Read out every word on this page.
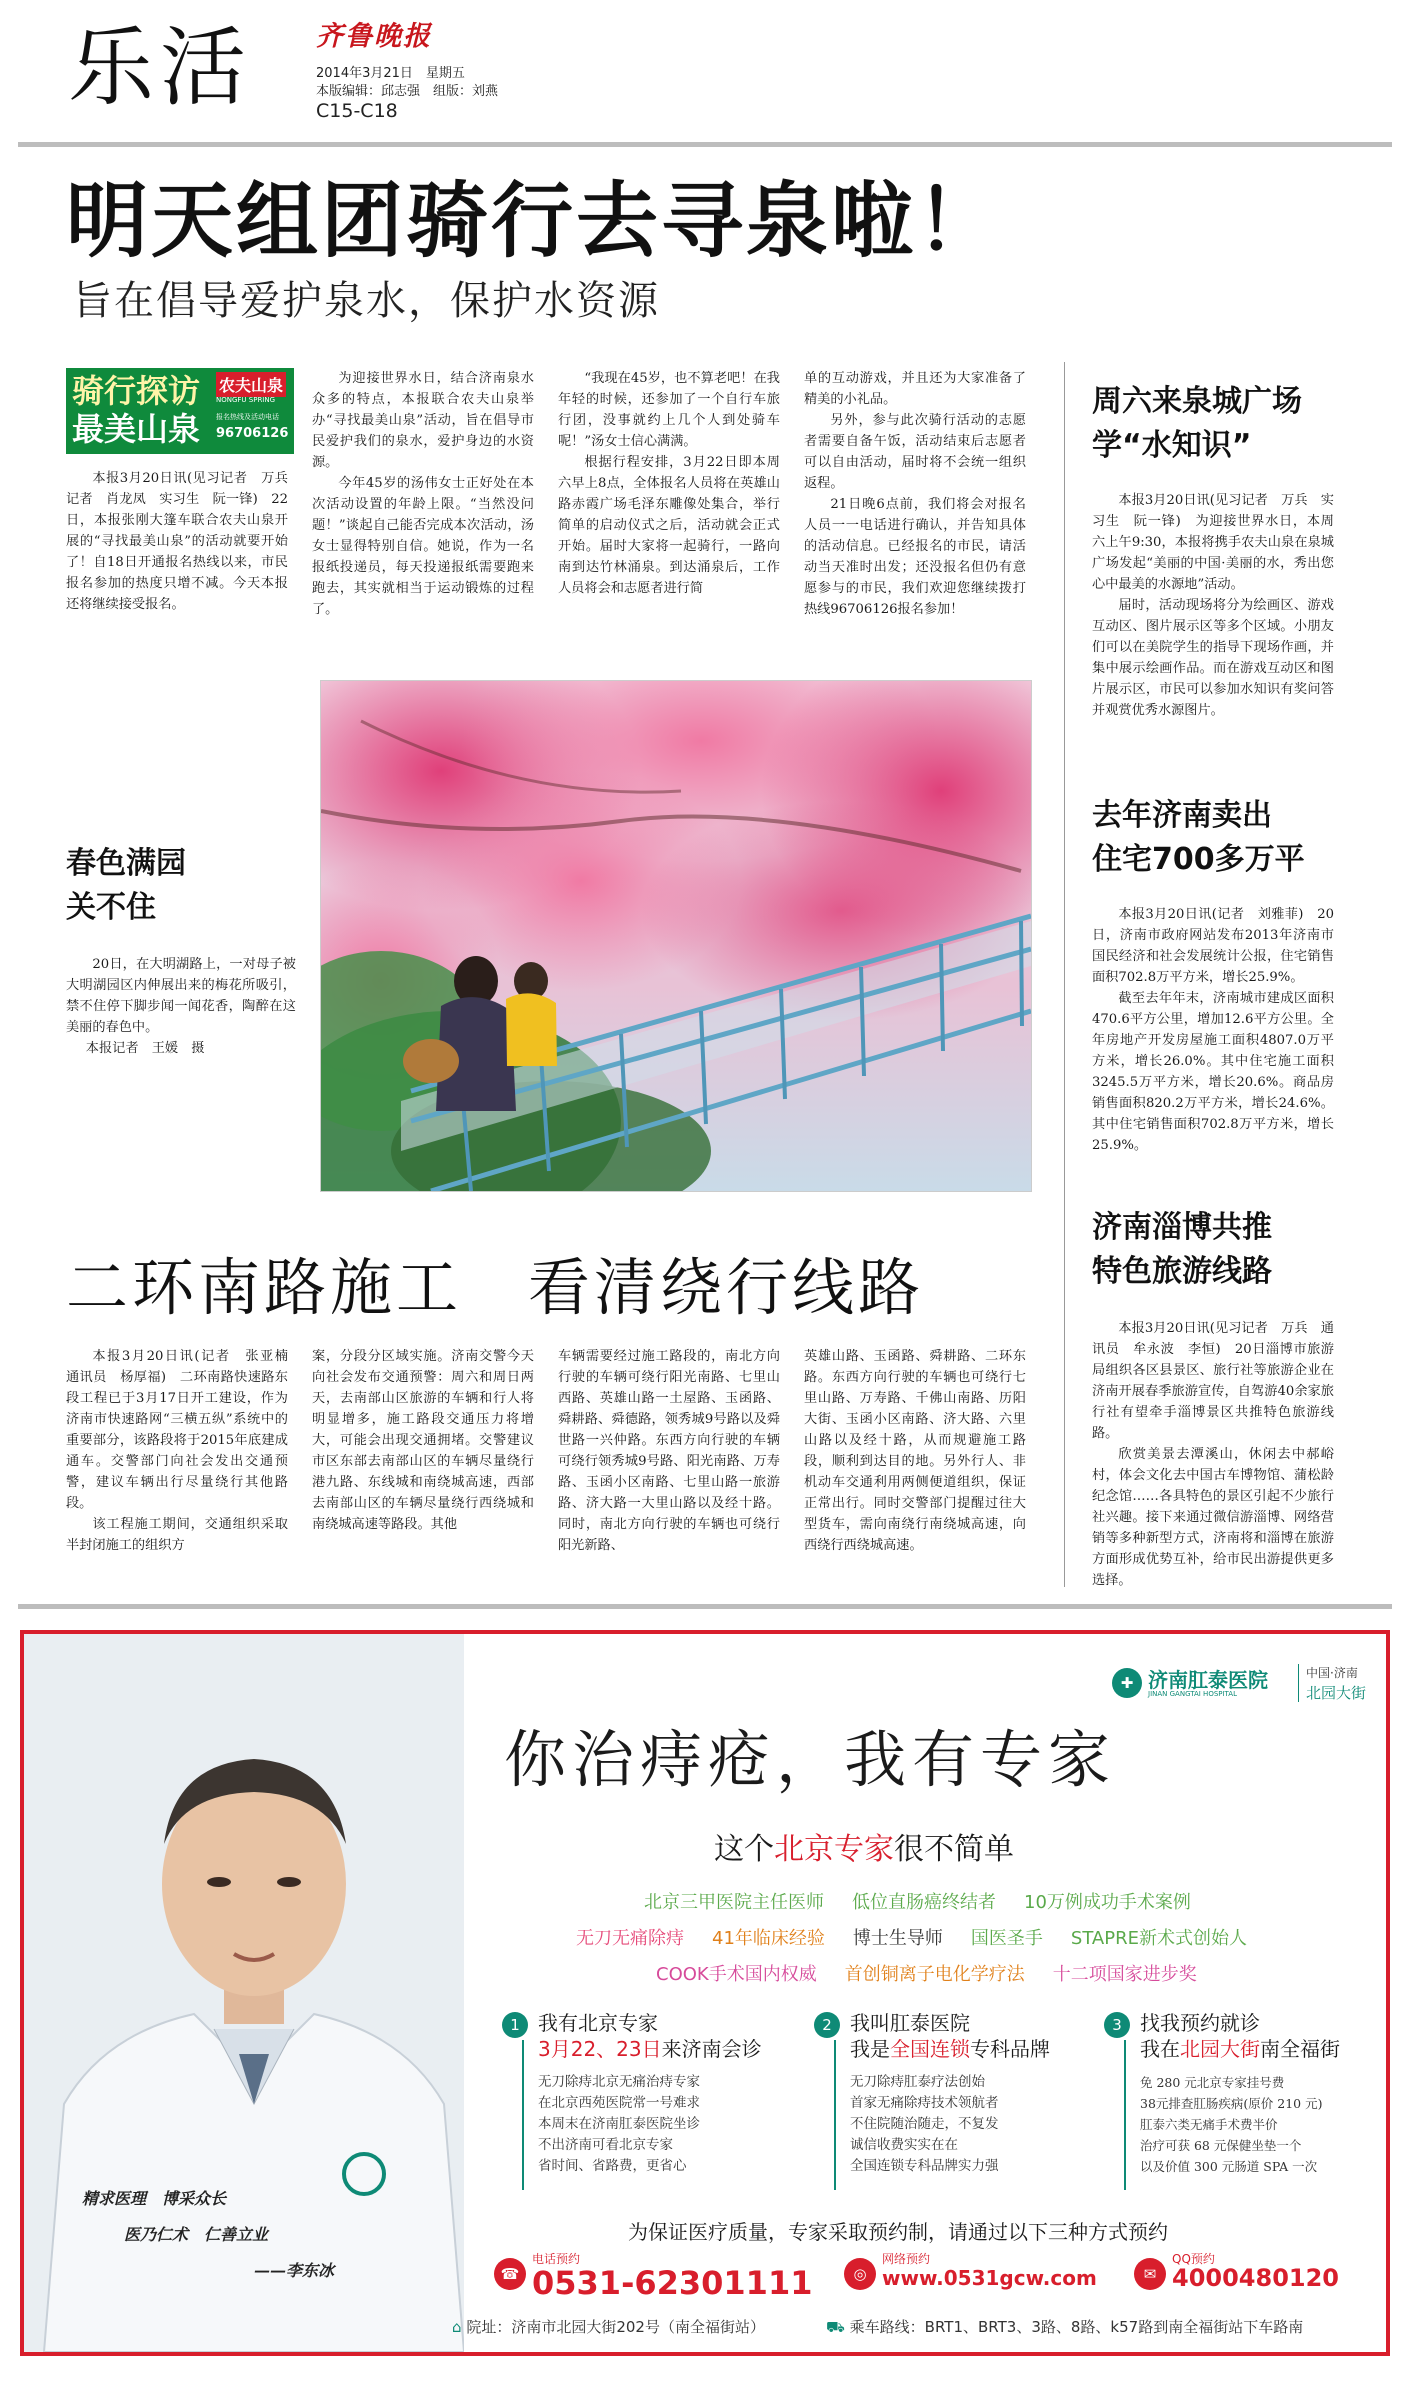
乐活 齐鲁晚报
2014年3月21日　星期五
本版编辑：邱志强　组版：刘燕
C15-C18
明天组团骑行去寻泉啦！
旨在倡导爱护泉水，保护水资源
骑行探访
最美山泉
农夫山泉
NONGFU SPRING
报名热线及活动电话
96706126

本报3月20日讯(见习记者　万兵　记者　肖龙凤　实习生　阮一锋)　22日，本报张刚大篷车联合农夫山泉开展的“寻找最美山泉”的活动就要开始了！自18日开通报名热线以来，市民报名参加的热度只增不减。今天本报还将继续接受报名。

为迎接世界水日，结合济南泉水众多的特点，本报联合农夫山泉举办“寻找最美山泉”活动，旨在倡导市民爱护我们的泉水，爱护身边的水资源。

今年45岁的汤伟女士正好处在本次活动设置的年龄上限。“当然没问题！”谈起自己能否完成本次活动，汤女士显得特别自信。她说，作为一名报纸投递员，每天投递报纸需要跑来跑去，其实就相当于运动锻炼的过程了。

“我现在45岁，也不算老吧！在我年轻的时候，还参加了一个自行车旅行团，没事就约上几个人到处骑车呢！”汤女士信心满满。

根据行程安排，3月22日即本周六早上8点，全体报名人员将在英雄山路赤霞广场毛泽东雕像处集合，举行简单的启动仪式之后，活动就会正式开始。届时大家将一起骑行，一路向南到达竹林涌泉。到达涌泉后，工作人员将会和志愿者进行简

单的互动游戏，并且还为大家准备了精美的小礼品。

另外，参与此次骑行活动的志愿者需要自备午饭，活动结束后志愿者可以自由活动，届时将不会统一组织返程。

21日晚6点前，我们将会对报名人员一一电话进行确认，并告知具体的活动信息。已经报名的市民，请活动当天准时出发；还没报名但仍有意愿参与的市民，我们欢迎您继续拨打热线96706126报名参加！

周六来泉城广场
学“水知识”

本报3月20日讯(见习记者　万兵　实习生　阮一锋)　为迎接世界水日，本周六上午9:30，本报将携手农夫山泉在泉城广场发起“美丽的中国·美丽的水，秀出您心中最美的水源地”活动。

届时，活动现场将分为绘画区、游戏互动区、图片展示区等多个区域。小朋友们可以在美院学生的指导下现场作画，并集中展示绘画作品。而在游戏互动区和图片展示区，市民可以参加水知识有奖问答并观赏优秀水源图片。

去年济南卖出
住宅700多万平

本报3月20日讯(记者　刘雅菲)　20日，济南市政府网站发布2013年济南市国民经济和社会发展统计公报，住宅销售面积702.8万平方米，增长25.9%。

截至去年年末，济南城市建成区面积470.6平方公里，增加12.6平方公里。全年房地产开发房屋施工面积4807.0万平方米，增长26.0%。其中住宅施工面积3245.5万平方米，增长20.6%。商品房销售面积820.2万平方米，增长24.6%。其中住宅销售面积702.8万平方米，增长25.9%。

济南淄博共推
特色旅游线路

本报3月20日讯(见习记者　万兵　通讯员　牟永波　李恒)　20日淄博市旅游局组织各区县景区、旅行社等旅游企业在济南开展春季旅游宣传，自驾游40余家旅行社有望牵手淄博景区共推特色旅游线路。

欣赏美景去潭溪山，休闲去中郝峪村，体会文化去中国古车博物馆、蒲松龄纪念馆……各具特色的景区引起不少旅行社兴趣。接下来通过微信游淄博、网络营销等多种新型方式，济南将和淄博在旅游方面形成优势互补，给市民出游提供更多选择。

春色满园
关不住

20日，在大明湖路上，一对母子被大明湖园区内伸展出来的梅花所吸引，禁不住停下脚步闻一闻花香，陶醉在这美丽的春色中。

本报记者　王媛　摄

二环南路施工　看清绕行线路

本报3月20日讯(记者　张亚楠　通讯员　杨厚福)　二环南路快速路东段工程已于3月17日开工建设，作为济南市快速路网“三横五纵”系统中的重要部分，该路段将于2015年底建成通车。交警部门向社会发出交通预警，建议车辆出行尽量绕行其他路段。

该工程施工期间，交通组织采取半封闭施工的组织方

案，分段分区域实施。济南交警今天向社会发布交通预警：周六和周日两天，去南部山区旅游的车辆和行人将明显增多，施工路段交通压力将增大，可能会出现交通拥堵。交警建议市区东部去南部山区的车辆尽量绕行港九路、东线城和南绕城高速，西部去南部山区的车辆尽量绕行西绕城和南绕城高速等路段。其他

车辆需要经过施工路段的，南北方向行驶的车辆可绕行阳光南路、七里山西路、英雄山路一土屋路、玉函路、舜耕路、舜德路，领秀城9号路以及舜世路一兴仲路。东西方向行驶的车辆可绕行领秀城9号路、阳光南路、万寿路、玉函小区南路、七里山路一旅游路、济大路一大里山路以及经十路。同时，南北方向行驶的车辆也可绕行阳光新路、

英雄山路、玉函路、舜耕路、二环东路。东西方向行驶的车辆也可绕行七里山路、万寿路、千佛山南路、历阳大街、玉函小区南路、济大路、六里山路以及经十路，从而规避施工路段，顺利到达目的地。另外行人、非机动车交通利用两侧便道组织，保证正常出行。同时交警部门提醒过往大型货车，需向南绕行南绕城高速，向西绕行西绕城高速。

精求医理　博采众长
医乃仁术　仁善立业
——李东冰
✚ 济南肛泰医院
JINAN GANGTAI HOSPITAL
中国·济南
北园大街
你治痔疮，我有专家
这个北京专家很不简单
北京三甲医院主任医师 低位直肠癌终结者 10万例成功手术案例
无刀无痛除痔 41年临床经验 博士生导师 国医圣手 STAPRE新术式创始人
COOK手术国内权威 首创铜离子电化学疗法 十二项国家进步奖
1 我有北京专家
3月22、23日来济南会诊
无刀除痔北京无痛治痔专家
在北京西苑医院常一号难求
本周末在济南肛泰医院坐诊
不出济南可看北京专家
省时间、省路费，更省心
2 我叫肛泰医院
我是全国连锁专科品牌
无刀除痔肛泰疗法创始
首家无痛除痔技术领航者
不住院随治随走，不复发
诚信收费实实在在
全国连锁专科品牌实力强
3 找我预约就诊
我在北园大街南全福街
免 280 元北京专家挂号费
38元排查肛肠疾病(原价 210 元)
肛泰六类无痛手术费半价
治疗可获 68 元保健坐垫一个
以及价值 300 元肠道 SPA 一次
为保证医疗质量，专家采取预约制，请通过以下三种方式预约
☎
电话预约
0531-62301111	◎
网络预约
www.0531gcw.com	✉
QQ预约
4000480120
⌂ 院址：济南市北园大街202号（南全福街站）	⛟ 乘车路线：BRT1、BRT3、3路、8路、k57路到南全福街站下车路南
